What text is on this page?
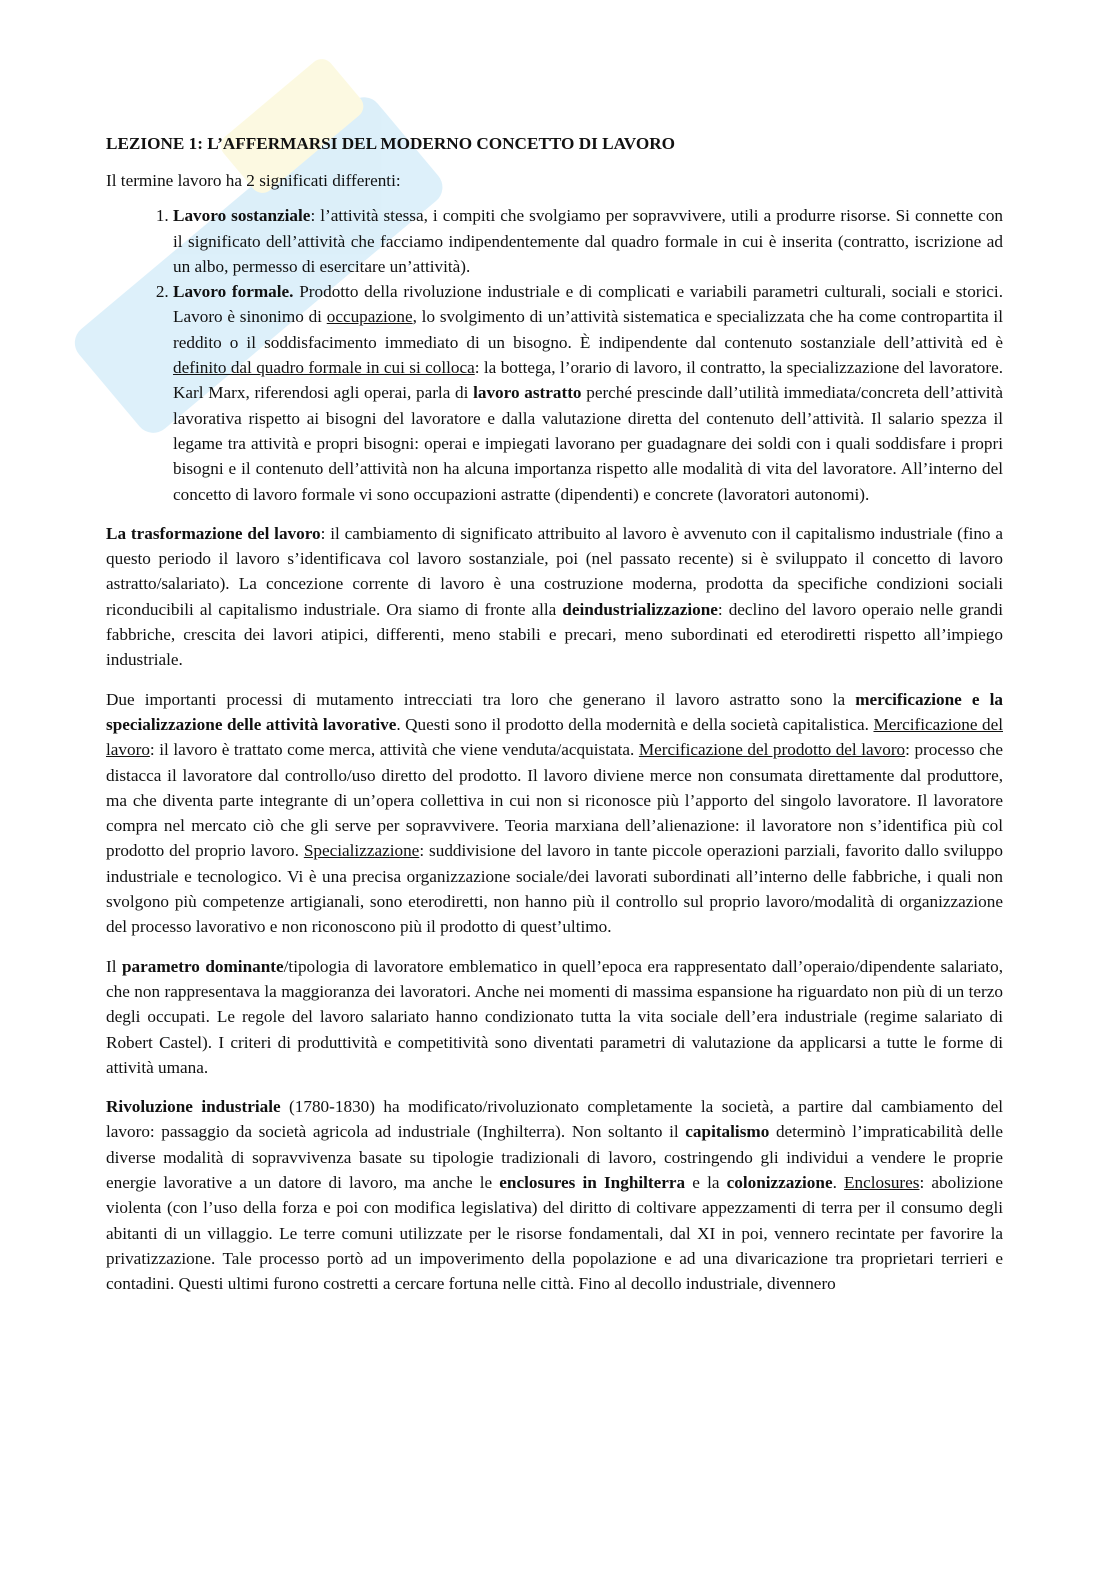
LEZIONE 1: L’AFFERMARSI DEL MODERNO CONCETTO DI LAVORO

Il termine lavoro ha 2 significati differenti:

1. Lavoro sostanziale: l’attività stessa, i compiti che svolgiamo per sopravvivere, utili a produrre risorse. Si connette con il significato dell’attività che facciamo indipendentemente dal quadro formale in cui è inserita (contratto, iscrizione ad un albo, permesso di esercitare un’attività).
2. Lavoro formale. Prodotto della rivoluzione industriale e di complicati e variabili parametri culturali, sociali e storici. Lavoro è sinonimo di occupazione, lo svolgimento di un’attività sistematica e specializzata che ha come contropartita il reddito o il soddisfacimento immediato di un bisogno. È indipendente dal contenuto sostanziale dell’attività ed è definito dal quadro formale in cui si colloca: la bottega, l’orario di lavoro, il contratto, la specializzazione del lavoratore. Karl Marx, riferendosi agli operai, parla di lavoro astratto perché prescinde dall’utilità immediata/concreta dell’attività lavorativa rispetto ai bisogni del lavoratore e dalla valutazione diretta del contenuto dell’attività. Il salario spezza il legame tra attività e propri bisogni: operai e impiegati lavorano per guadagnare dei soldi con i quali soddisfare i propri bisogni e il contenuto dell’attività non ha alcuna importanza rispetto alle modalità di vita del lavoratore. All’interno del concetto di lavoro formale vi sono occupazioni astratte (dipendenti) e concrete (lavoratori autonomi).

La trasformazione del lavoro: il cambiamento di significato attribuito al lavoro è avvenuto con il capitalismo industriale (fino a questo periodo il lavoro s’identificava col lavoro sostanziale, poi (nel passato recente) si è sviluppato il concetto di lavoro astratto/salariato). La concezione corrente di lavoro è una costruzione moderna, prodotta da specifiche condizioni sociali riconducibili al capitalismo industriale. Ora siamo di fronte alla deindustrializzazione: declino del lavoro operaio nelle grandi fabbriche, crescita dei lavori atipici, differenti, meno stabili e precari, meno subordinati ed eterodiretti rispetto all’impiego industriale.

Due importanti processi di mutamento intrecciati tra loro che generano il lavoro astratto sono la mercificazione e la specializzazione delle attività lavorative. Questi sono il prodotto della modernità e della società capitalistica. Mercificazione del lavoro: il lavoro è trattato come merca, attività che viene venduta/acquistata. Mercificazione del prodotto del lavoro: processo che distacca il lavoratore dal controllo/uso diretto del prodotto. Il lavoro diviene merce non consumata direttamente dal produttore, ma che diventa parte integrante di un’opera collettiva in cui non si riconosce più l’apporto del singolo lavoratore. Il lavoratore compra nel mercato ciò che gli serve per sopravvivere. Teoria marxiana dell’alienazione: il lavoratore non s’identifica più col prodotto del proprio lavoro. Specializzazione: suddivisione del lavoro in tante piccole operazioni parziali, favorito dallo sviluppo industriale e tecnologico. Vi è una precisa organizzazione sociale/dei lavorati subordinati all’interno delle fabbriche, i quali non svolgono più competenze artigianali, sono eterodiretti, non hanno più il controllo sul proprio lavoro/modalità di organizzazione del processo lavorativo e non riconoscono più il prodotto di quest’ultimo.

Il parametro dominante/tipologia di lavoratore emblematico in quell’epoca era rappresentato dall’operaio/dipendente salariato, che non rappresentava la maggioranza dei lavoratori. Anche nei momenti di massima espansione ha riguardato non più di un terzo degli occupati. Le regole del lavoro salariato hanno condizionato tutta la vita sociale dell’era industriale (regime salariato di Robert Castel). I criteri di produttività e competitività sono diventati parametri di valutazione da applicarsi a tutte le forme di attività umana.

Rivoluzione industriale (1780-1830) ha modificato/rivoluzionato completamente la società, a partire dal cambiamento del lavoro: passaggio da società agricola ad industriale (Inghilterra). Non soltanto il capitalismo determinò l’impraticabilità delle diverse modalità di sopravvivenza basate su tipologie tradizionali di lavoro, costringendo gli individui a vendere le proprie energie lavorative a un datore di lavoro, ma anche le enclosures in Inghilterra e la colonizzazione. Enclosures: abolizione violenta (con l’uso della forza e poi con modifica legislativa) del diritto di coltivare appezzamenti di terra per il consumo degli abitanti di un villaggio. Le terre comuni utilizzate per le risorse fondamentali, dal XI in poi, vennero recintate per favorire la privatizzazione. Tale processo portò ad un impoverimento della popolazione e ad una divaricazione tra proprietari terrieri e contadini. Questi ultimi furono costretti a cercare fortuna nelle città. Fino al decollo industriale, divennero
